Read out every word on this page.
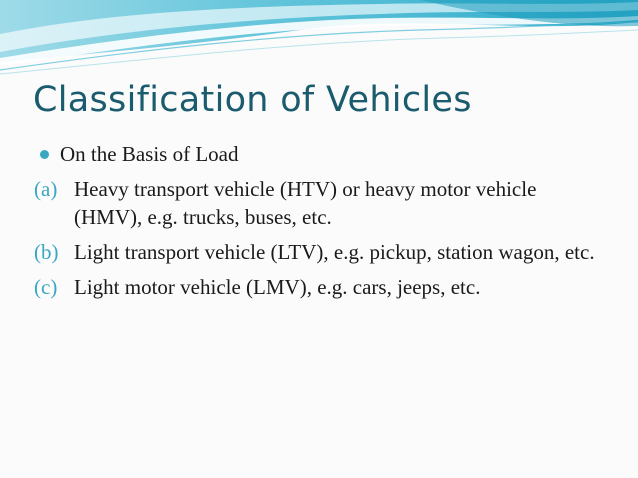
Classification of Vehicles
On the Basis of Load
(a) Heavy transport vehicle (HTV) or heavy motor vehicle (HMV), e.g. trucks, buses, etc.
(b) Light transport vehicle (LTV), e.g. pickup, station wagon, etc.
(c) Light motor vehicle (LMV), e.g. cars, jeeps, etc.
